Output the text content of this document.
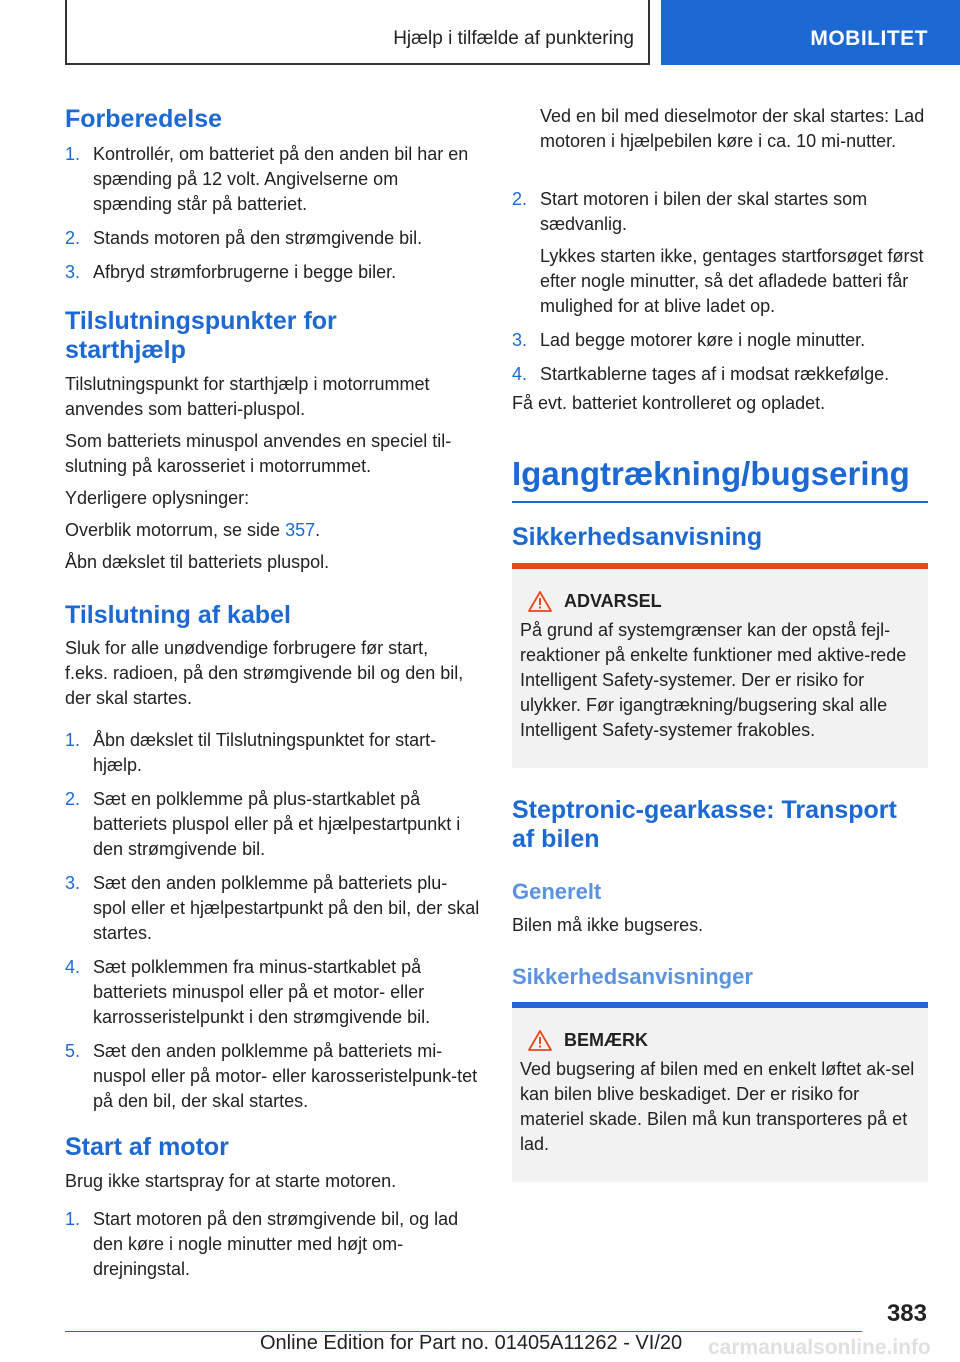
Hjælp i tilfælde af punktering	MOBILITET
Forberedelse
1. Kontrollér, om batteriet på den anden bil har en spænding på 12 volt. Angivelserne om spænding står på batteriet.
2. Stands motoren på den strømgivende bil.
3. Afbryd strømforbrugerne i begge biler.
Tilslutningspunkter for
starthjælp

Tilslutningspunkt for starthjælp i motorrummet anvendes som batteri-pluspol.

Som batteriets minuspol anvendes en speciel til-slutning på karosseriet i motorrummet.

Yderligere oplysninger:

Overblik motorrum, se side 357.

Åbn dækslet til batteriets pluspol.

Tilslutning af kabel

Sluk for alle unødvendige forbrugere før start, f.eks. radioen, på den strømgivende bil og den bil, der skal startes.

1. Åbn dækslet til Tilslutningspunktet for start-hjælp.
2. Sæt en polklemme på plus-startkablet på batteriets pluspol eller på et hjælpestartpunkt i den strømgivende bil.
3. Sæt den anden polklemme på batteriets plu-spol eller et hjælpestartpunkt på den bil, der skal startes.
4. Sæt polklemmen fra minus-startkablet på batteriets minuspol eller på et motor- eller karrosseristelpunkt i den strømgivende bil.
5. Sæt den anden polklemme på batteriets mi-nuspol eller på motor- eller karosseristelpunk-tet på den bil, der skal startes.
Start af motor

Brug ikke startspray for at starte motoren.

1. Start motoren på den strømgivende bil, og lad den køre i nogle minutter med højt om-drejningstal.

Ved en bil med dieselmotor der skal startes: Lad motoren i hjælpebilen køre i ca. 10 mi-nutter.

2. Start motoren i bilen der skal startes som sædvanlig.
Lykkes starten ikke, gentages startforsøget først efter nogle minutter, så det afladede batteri får mulighed for at blive ladet op.
3. Lad begge motorer køre i nogle minutter.
4. Startkablerne tages af i modsat rækkefølge.

Få evt. batteriet kontrolleret og opladet.

Igangtrækning/bugsering
Sikkerhedsanvisning
ADVARSEL

På grund af systemgrænser kan der opstå fejl-reaktioner på enkelte funktioner med aktive-rede Intelligent Safety-systemer. Der er risiko for ulykker. Før igangtrækning/bugsering skal alle Intelligent Safety-systemer frakobles.

Steptronic-gearkasse: Transport
af bilen
Generelt

Bilen må ikke bugseres.

Sikkerhedsanvisninger
BEMÆRK

Ved bugsering af bilen med en enkelt løftet ak-sel kan bilen blive beskadiget. Der er risiko for materiel skade. Bilen må kun transporteres på et lad.

383
Online Edition for Part no. 01405A11262 - VI/20 carmanualsonline.info
